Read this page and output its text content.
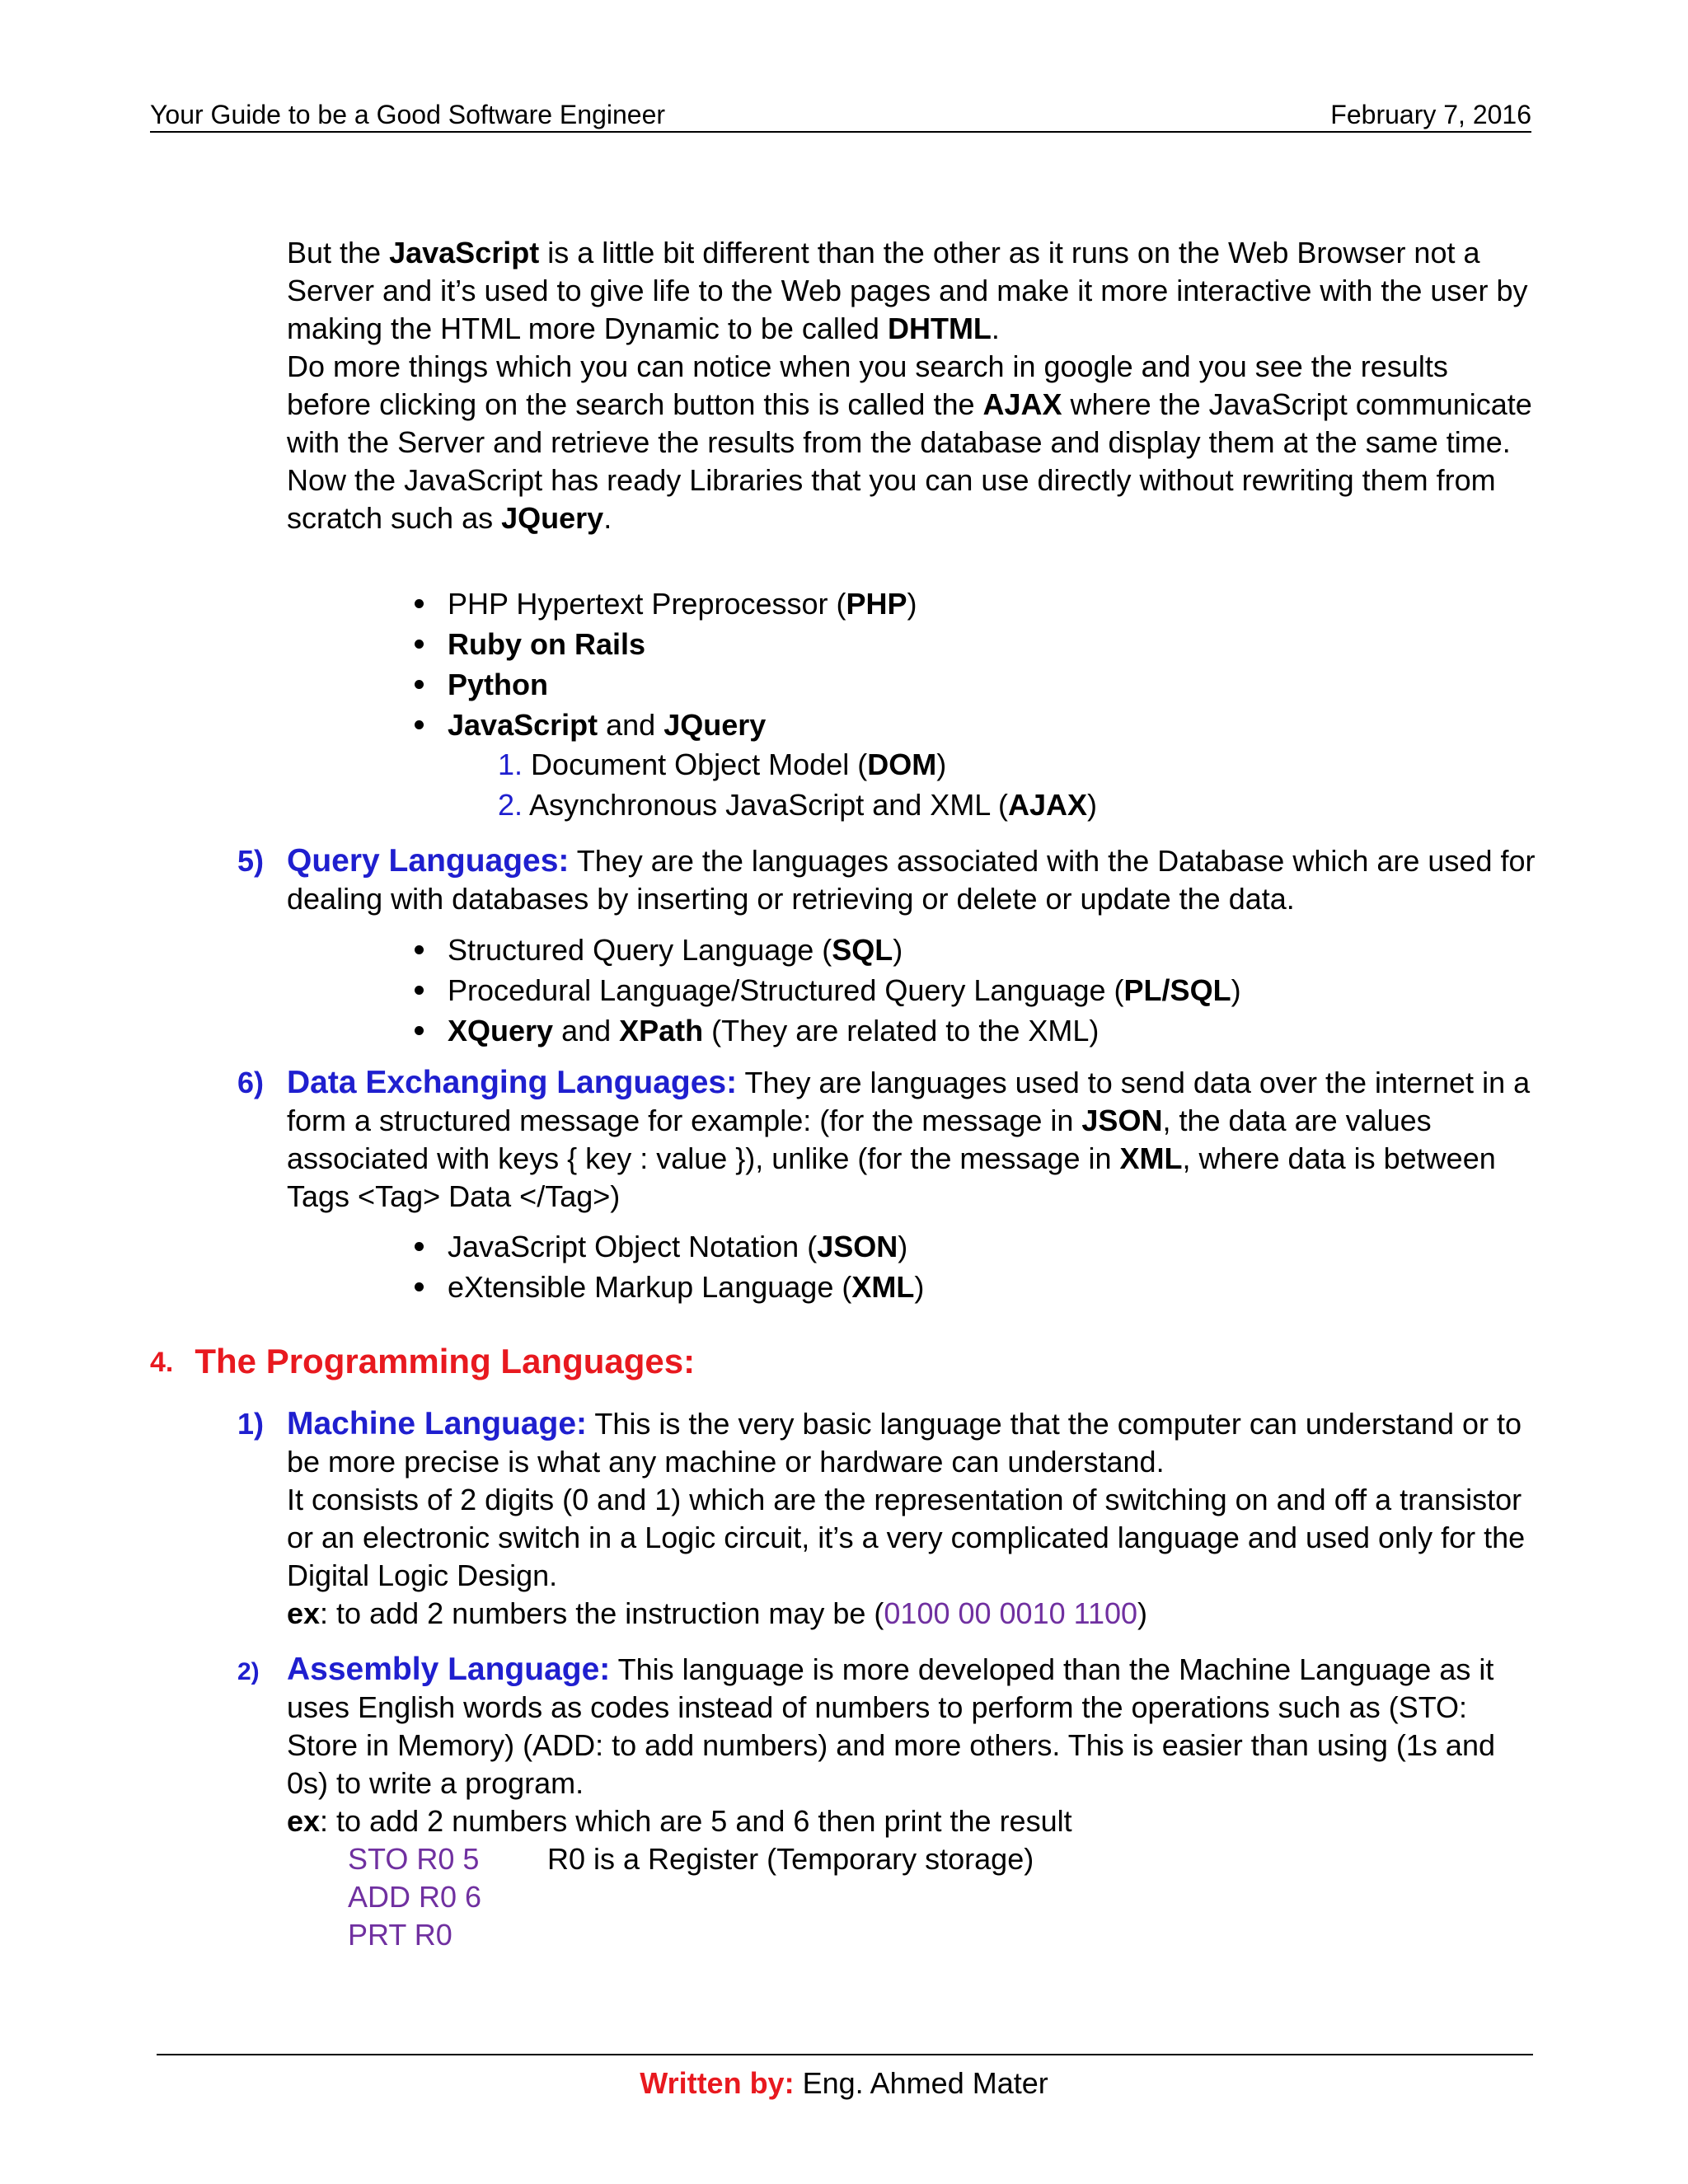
Your Guide to be a Good Software Engineer	February 7, 2016

But the JavaScript is a little bit different than the other as it runs on the Web Browser not a Server and it’s used to give life to the Web pages and make it more interactive with the user by making the HTML more Dynamic to be called DHTML.

Do more things which you can notice when you search in google and you see the results before clicking on the search button this is called the AJAX where the JavaScript communicate with the Server and retrieve the results from the database and display them at the same time.

Now the JavaScript has ready Libraries that you can use directly without rewriting them from scratch such as JQuery.

PHP Hypertext Preprocessor (PHP)
Ruby on Rails
Python
JavaScript and JQuery
1. Document Object Model (DOM)
2. Asynchronous JavaScript and XML (AJAX)
5) Query Languages: They are the languages associated with the Database which are used for dealing with databases by inserting or retrieving or delete or update the data.
Structured Query Language (SQL)
Procedural Language/Structured Query Language (PL/SQL)
XQuery and XPath (They are related to the XML)
6) Data Exchanging Languages: They are languages used to send data over the internet in a form a structured message for example: (for the message in JSON, the data are values associated with keys { key : value }), unlike (for the message in XML, where data is between Tags <Tag> Data </Tag>)
JavaScript Object Notation (JSON)
eXtensible Markup Language (XML)
4. The Programming Languages:
1) Machine Language: This is the very basic language that the computer can understand or to be more precise is what any machine or hardware can understand.
It consists of 2 digits (0 and 1) which are the representation of switching on and off a transistor or an electronic switch in a Logic circuit, it’s a very complicated language and used only for the Digital Logic Design.
ex: to add 2 numbers the instruction may be (0100 00 0010 1100)
2) Assembly Language: This language is more developed than the Machine Language as it uses English words as codes instead of numbers to perform the operations such as (STO: Store in Memory) (ADD: to add numbers) and more others. This is easier than using (1s and 0s) to write a program.
ex: to add 2 numbers which are 5 and 6 then print the result
STO R0 5	R0 is a Register (Temporary storage)
ADD R0 6
PRT R0
Written by: Eng. Ahmed Mater
